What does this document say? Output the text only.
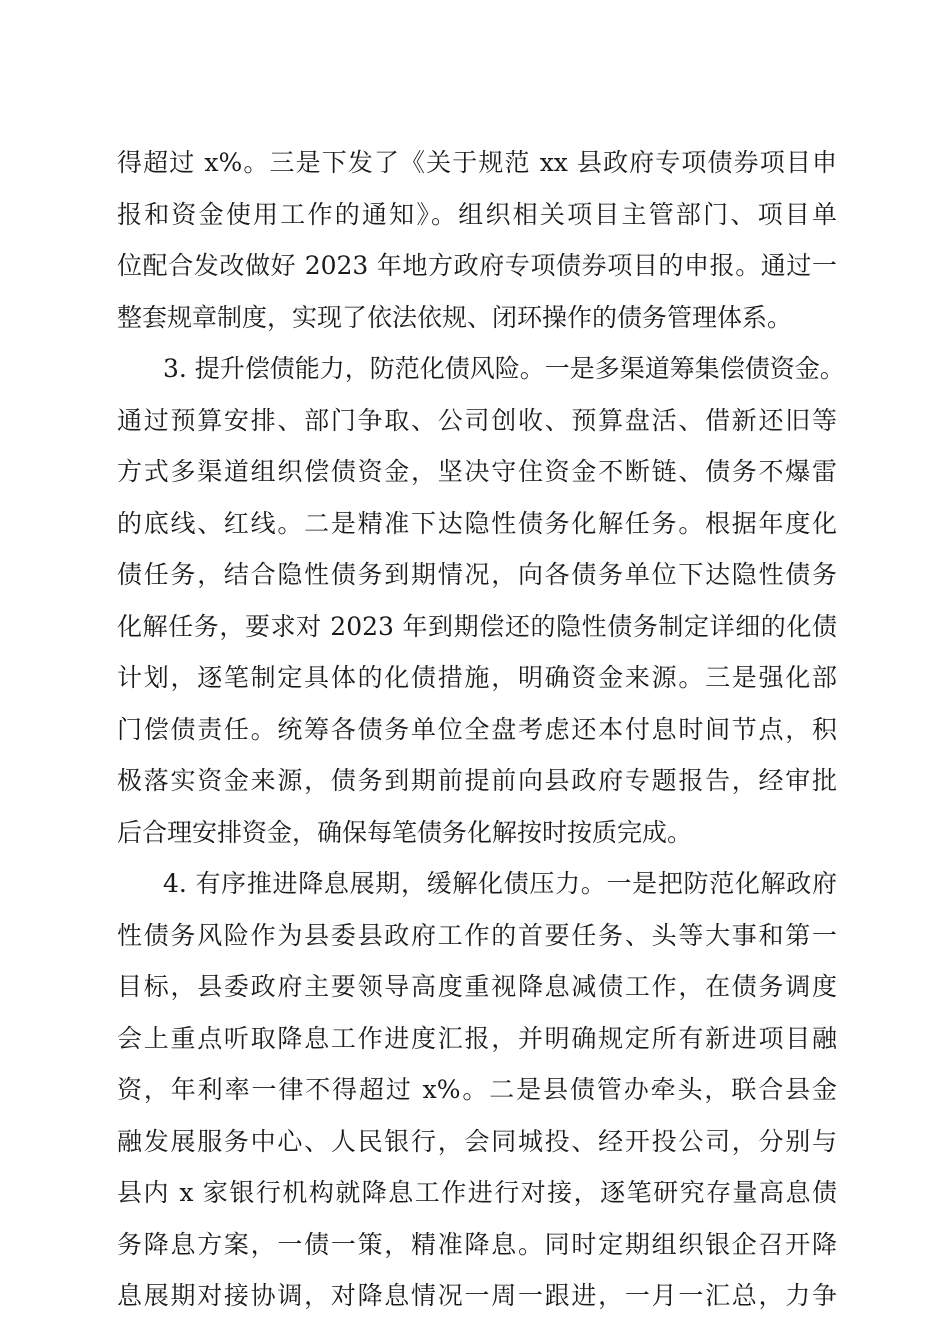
得超过 x%。三是下发了《关于规范 xx 县政府专项债券项目申
报和资金使用工作的通知》。组织相关项目主管部门、项目单
位配合发改做好 2023 年地方政府专项债券项目的申报。通过一
整套规章制度，实现了依法依规、闭环操作的债务管理体系。
3. 提升偿债能力，防范化债风险。一是多渠道筹集偿债资金。
通过预算安排、部门争取、公司创收、预算盘活、借新还旧等
方式多渠道组织偿债资金，坚决守住资金不断链、债务不爆雷
的底线、红线。二是精准下达隐性债务化解任务。根据年度化
债任务，结合隐性债务到期情况，向各债务单位下达隐性债务
化解任务，要求对 2023 年到期偿还的隐性债务制定详细的化债
计划，逐笔制定具体的化债措施，明确资金来源。三是强化部
门偿债责任。统筹各债务单位全盘考虑还本付息时间节点，积
极落实资金来源，债务到期前提前向县政府专题报告，经审批
后合理安排资金，确保每笔债务化解按时按质完成。
4. 有序推进降息展期，缓解化债压力。一是把防范化解政府
性债务风险作为县委县政府工作的首要任务、头等大事和第一
目标，县委政府主要领导高度重视降息减债工作，在债务调度
会上重点听取降息工作进度汇报，并明确规定所有新进项目融
资，年利率一律不得超过 x%。二是县债管办牵头，联合县金
融发展服务中心、人民银行，会同城投、经开投公司，分别与
县内 x 家银行机构就降息工作进行对接，逐笔研究存量高息债
务降息方案，一债一策，精准降息。同时定期组织银企召开降
息展期对接协调，对降息情况一周一跟进，一月一汇总，力争
